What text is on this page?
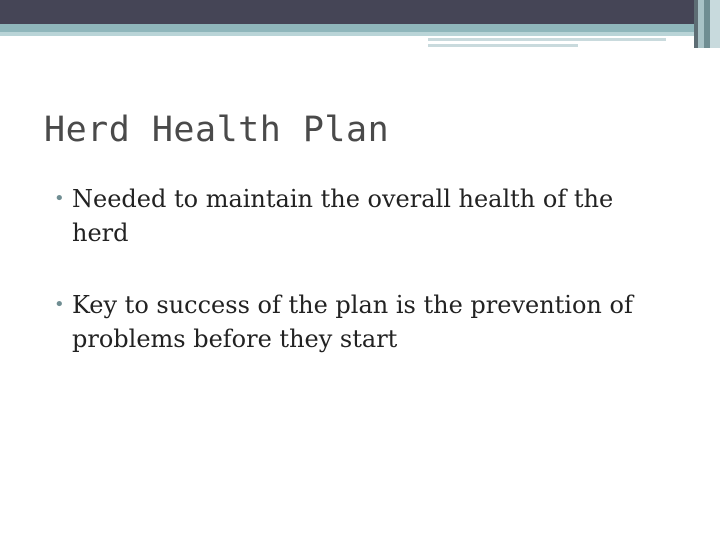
Herd Health Plan
• Needed to maintain the overall health of the herd
• Key to success of the plan is the prevention of problems before they start
